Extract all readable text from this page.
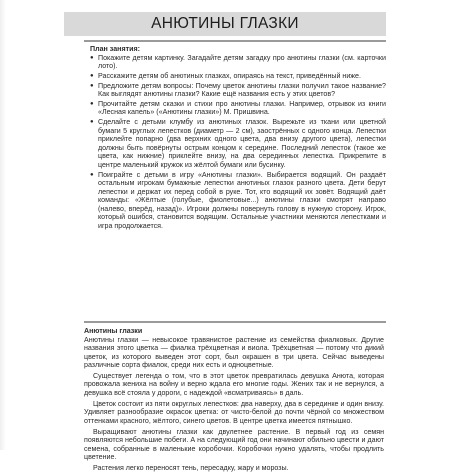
АНЮТИНЫ ГЛАЗКИ
План занятия:
● Покажите детям картинку. Загадайте детям загадку про анютины глазки (см. карточки лото).
● Расскажите детям об анютиных глазках, опираясь на текст, приведённый ниже.
● Предложите детям вопросы: Почему цветок анютины глазки получил такое название? Как выглядят анютины глазки? Какие ещё названия есть у этих цветов?
● Прочитайте детям сказки и стихи про анютины глазки. Например, отрывок из книги «Лесная капель» («Анютины глазки») М. Пришвина.
● Сделайте с детьми клумбу из анютиных глазок. Вырежьте из ткани или цветной бумаги 5 круглых лепестков (диаметр — 2 см), заострённых с одного конца. Лепестки приклейте попарно (два верхних одного цвета, два внизу другого цвета), лепестки должны быть повёрнуты острым концом к середине. Последний лепесток (такое же цвета, как нижние) приклейте внизу, на два серединных лепестка. Прикрепите в центре маленький кружок из жёлтой бумаги или бусинку.
● Поиграйте с детьми в игру «Анютины глазки». Выбирается водящий. Он раздаёт остальным игрокам бумажные лепестки анютиных глазок разного цвета. Дети берут лепестки и держат их перед собой в руке. Тот, кто водящий их зовёт. Водящий даёт команды: «Жёлтые (голубые, фиолетовые...) анютины глазки смотрят направо (налево, вперёд, назад)». Игроки должны повернуть голову в нужную сторону. Игрок, который ошибся, становится водящим. Остальные участники меняются лепестками и игра продолжается.
Анютины глазки
Анютины глазки — невысокое травянистое растение из семейства фиалковых. Другие названия этого цветка — фиалка трёхцветная и виола. Трёхцветная — потому что дикий цветок, из которого выведен этот сорт, был окрашен в три цвета. Сейчас выведены различные сорта фиалок, среди них есть и одноцветные.
Существует легенда о том, что в этот цветок превратилась девушка Анюта, которая провожала жениха на войну и верно ждала его многие годы. Жених так и не вернулся, а девушка всё стояла у дороги, с надеждой «всматриваясь» в даль.
Цветок состоит из пяти округлых лепестков: два наверху, два в серединке и один внизу. Удивляет разнообразие окрасок цветка: от чисто-белой до почти чёрной со множеством оттенками красного, жёлтого, синего цветов. В центре цветка имеется пятнышко.
Выращивают анютины глазки как двулетнее растение. В первый год из семян появляются небольшие побеги. А на следующий год они начинают обильно цвести и дают семена, собранные в маленькие коробочки. Коробочки нужно удалять, чтобы продлить цветение.
Растения легко переносят тень, пересадку, жару и морозы.
